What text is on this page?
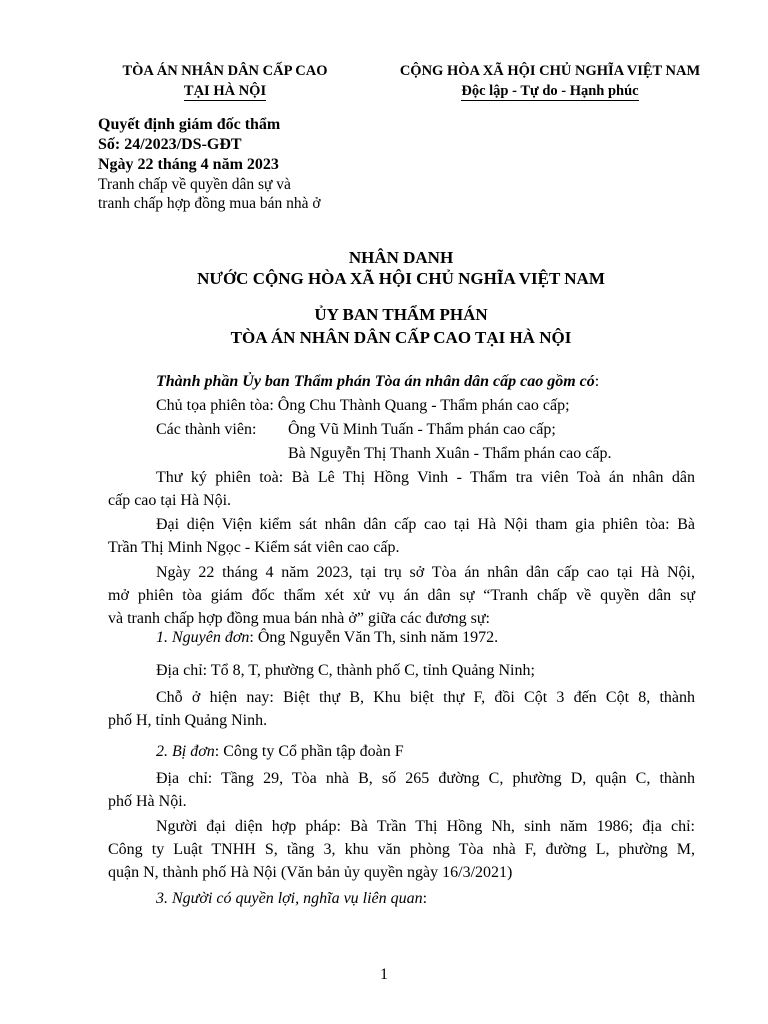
TÒA ÁN NHÂN DÂN CẤP CAO
TẠI HÀ NỘI
CỘNG HÒA XÃ HỘI CHỦ NGHĨA VIỆT NAM
Độc lập - Tự do - Hạnh phúc
Quyết định giám đốc thẩm
Số: 24/2023/DS-GĐT
Ngày 22 tháng 4 năm 2023
Tranh chấp về quyền dân sự và
tranh chấp hợp đồng mua bán nhà ở
NHÂN DANH
NƯỚC CỘNG HÒA XÃ HỘI CHỦ NGHĨA VIỆT NAM
ỦY BAN THẨM PHÁN
TÒA ÁN NHÂN DÂN CẤP CAO TẠI HÀ NỘI
Thành phần Ủy ban Thẩm phán Tòa án nhân dân cấp cao gồm có:
Chủ tọa phiên tòa: Ông Chu Thành Quang - Thẩm phán cao cấp;
Các thành viên: Ông Vũ Minh Tuấn - Thẩm phán cao cấp;
Bà Nguyễn Thị Thanh Xuân - Thẩm phán cao cấp.
Thư ký phiên toà: Bà Lê Thị Hồng Vinh - Thẩm tra viên Toà án nhân dân
cấp cao tại Hà Nội.
Đại diện Viện kiểm sát nhân dân cấp cao tại Hà Nội tham gia phiên tòa: Bà
Trần Thị Minh Ngọc - Kiểm sát viên cao cấp.
Ngày 22 tháng 4 năm 2023, tại trụ sở Tòa án nhân dân cấp cao tại Hà Nội,
mở phiên tòa giám đốc thẩm xét xử vụ án dân sự “Tranh chấp về quyền dân sự
và tranh chấp hợp đồng mua bán nhà ở” giữa các đương sự:
1. Nguyên đơn: Ông Nguyễn Văn Th, sinh năm 1972.
Địa chỉ: Tổ 8, T, phường C, thành phố C, tỉnh Quảng Ninh;
Chỗ ở hiện nay: Biệt thự B, Khu biệt thự F, đồi Cột 3 đến Cột 8, thành
phố H, tỉnh Quảng Ninh.
2. Bị đơn: Công ty Cổ phần tập đoàn F
Địa chỉ: Tầng 29, Tòa nhà B, số 265 đường C, phường D, quận C, thành
phố Hà Nội.
Người đại diện hợp pháp: Bà Trần Thị Hồng Nh, sinh năm 1986; địa chỉ:
Công ty Luật TNHH S, tầng 3, khu văn phòng Tòa nhà F, đường L, phường M,
quận N, thành phố Hà Nội (Văn bản ủy quyền ngày 16/3/2021)
3. Người có quyền lợi, nghĩa vụ liên quan:
1
